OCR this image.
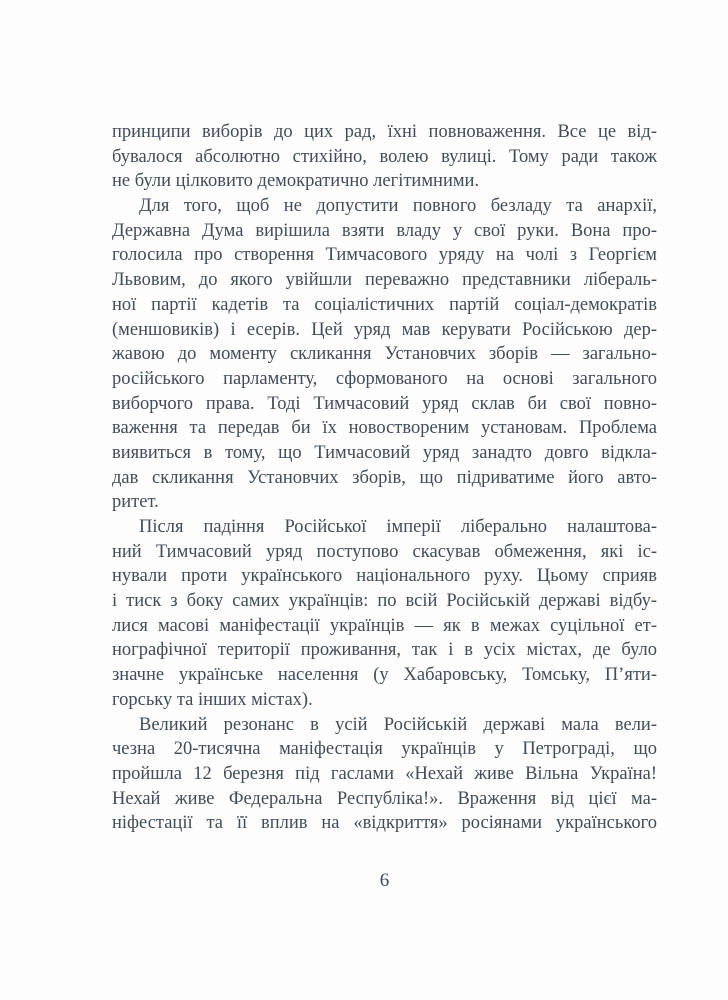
принципи виборів до цих рад, їхні повноваження. Все це від-
бувалося абсолютно стихійно, волею вулиці. Тому ради також
не були цілковито демократично легітимними.
Для того, щоб не допустити повного безладу та анархії,
Державна Дума вирішила взяти владу у свої руки. Вона про-
голосила про створення Тимчасового уряду на чолі з Георгієм
Львовим, до якого увійшли переважно представники лібераль-
ної партії кадетів та соціалістичних партій соціал-демократів
(меншовиків) і есерів. Цей уряд мав керувати Російською дер-
жавою до моменту скликання Установчих зборів — загально-
російського парламенту, сформованого на основі загального
виборчого права. Тоді Тимчасовий уряд склав би свої повно-
важення та передав би їх новоствореним установам. Проблема
виявиться в тому, що Тимчасовий уряд занадто довго відкла-
дав скликання Установчих зборів, що підриватиме його авто-
ритет.
Після падіння Російської імперії ліберально налаштова-
ний Тимчасовий уряд поступово скасував обмеження, які іс-
нували проти українського національного руху. Цьому сприяв
і тиск з боку самих українців: по всій Російській державі відбу-
лися масові маніфестації українців — як в межах суцільної ет-
нографічної території проживання, так і в усіх містах, де було
значне українське населення (у Хабаровську, Томську, П’яти-
горську та інших містах).
Великий резонанс в усій Російській державі мала вели-
чезна 20-тисячна маніфестація українців у Петрограді, що
пройшла 12 березня під гаслами «Нехай живе Вільна Україна!
Нехай живе Федеральна Республіка!». Враження від цієї ма-
ніфестації та її вплив на «відкриття» росіянами українського
6
